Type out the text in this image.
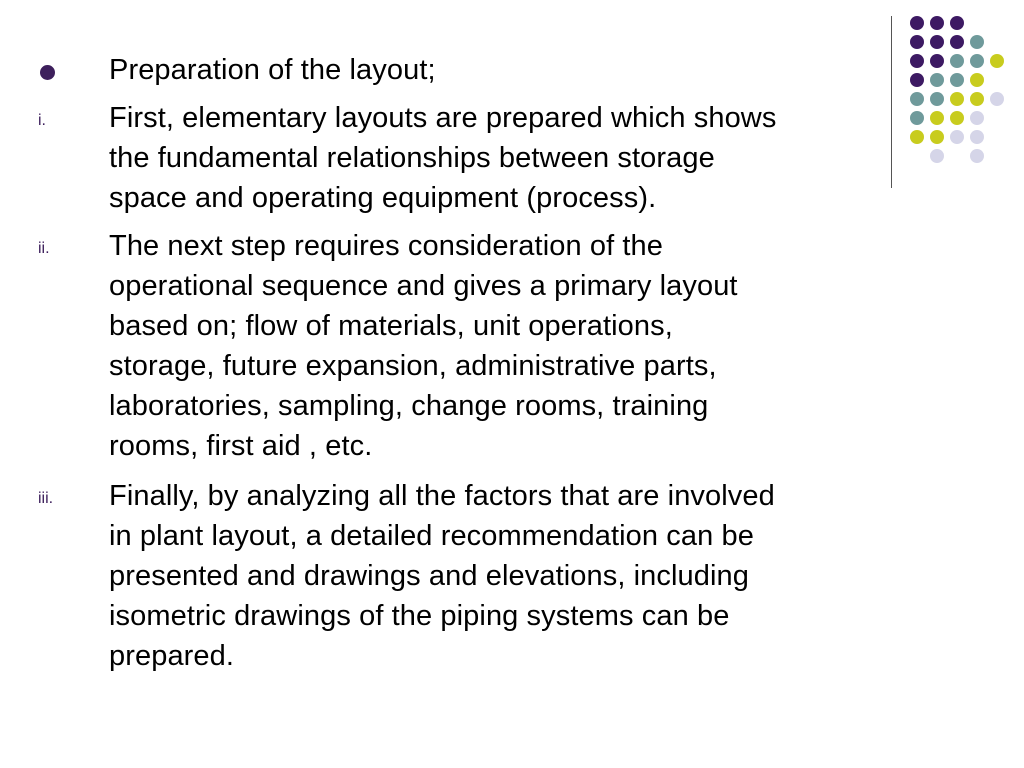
Preparation of the layout;
i. First, elementary layouts are prepared which shows
the fundamental relationships between storage
space and operating equipment (process).
ii. The next step requires consideration of the
operational sequence and gives a primary layout
based on; flow of materials, unit operations,
storage, future expansion, administrative parts,
laboratories, sampling, change rooms, training
rooms, first aid , etc.
iii. Finally, by analyzing all the factors that are involved
in plant layout, a detailed recommendation can be
presented and drawings and elevations, including
isometric drawings of the piping systems can be
prepared.
